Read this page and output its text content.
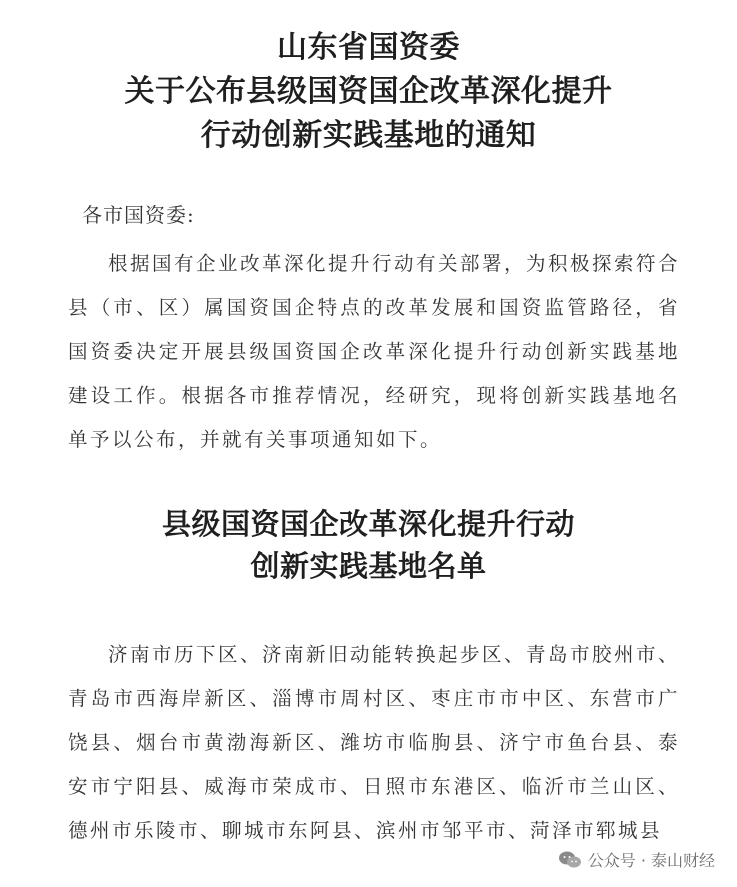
山东省国资委
关于公布县级国资国企改革深化提升
行动创新实践基地的通知
各市国资委:
根据国有企业改革深化提升行动有关部署，为积极探索符合县（市、区）属国资国企特点的改革发展和国资监管路径，省国资委决定开展县级国资国企改革深化提升行动创新实践基地建设工作。根据各市推荐情况，经研究，现将创新实践基地名单予以公布，并就有关事项通知如下。
县级国资国企改革深化提升行动
创新实践基地名单
济南市历下区、济南新旧动能转换起步区、青岛市胶州市、青岛市西海岸新区、淄博市周村区、枣庄市市中区、东营市广饶县、烟台市黄渤海新区、潍坊市临朐县、济宁市鱼台县、泰安市宁阳县、威海市荣成市、日照市东港区、临沂市兰山区、德州市乐陵市、聊城市东阿县、滨州市邹平市、菏泽市郓城县
公众号 · 泰山财经
